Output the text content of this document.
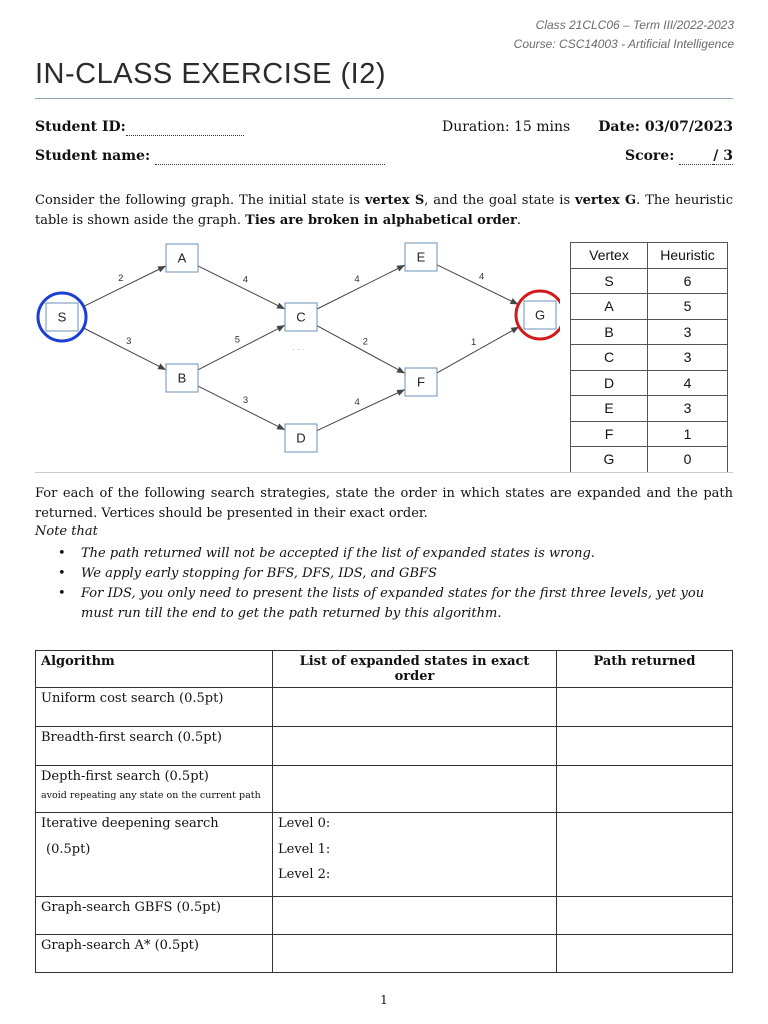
Class 21CLC06 – Term III/2022-2023
Course: CSC14003 - Artificial Intelligence
IN-CLASS EXERCISE (I2)
Student ID:	Duration: 15 mins Date: 03/07/2023
Student name:	Score:	/ 3
Consider the following graph. The initial state is vertex S, and the goal state is vertex G. The heuristic table is shown aside the graph. Ties are broken in alphabetical order.
2
3
4
5
3
4
2
4
4
1
S
A
B
C
D
E
F
G
· · ·
Vertex	Heuristic
S	6
A	5
B	3
C	3
D	4
E	3
F	1
G	0
For each of the following search strategies, state the order in which states are expanded and the path returned. Vertices should be presented in their exact order.
Note that
• The path returned will not be accepted if the list of expanded states is wrong.
• We apply early stopping for BFS, DFS, IDS, and GBFS
• For IDS, you only need to present the lists of expanded states for the first three levels, yet you must run till the end to get the path returned by this algorithm.
Algorithm	List of expanded states in exact order	Path returned
Uniform cost search (0.5pt)		
Breadth-first search (0.5pt)		
Depth-first search (0.5pt)
avoid repeating any state on the current path		

Iterative deepening search
(0.5pt)	Level 0:
Level 1:
Level 2:	

Graph-search GBFS (0.5pt)		
Graph-search A* (0.5pt)		
1
